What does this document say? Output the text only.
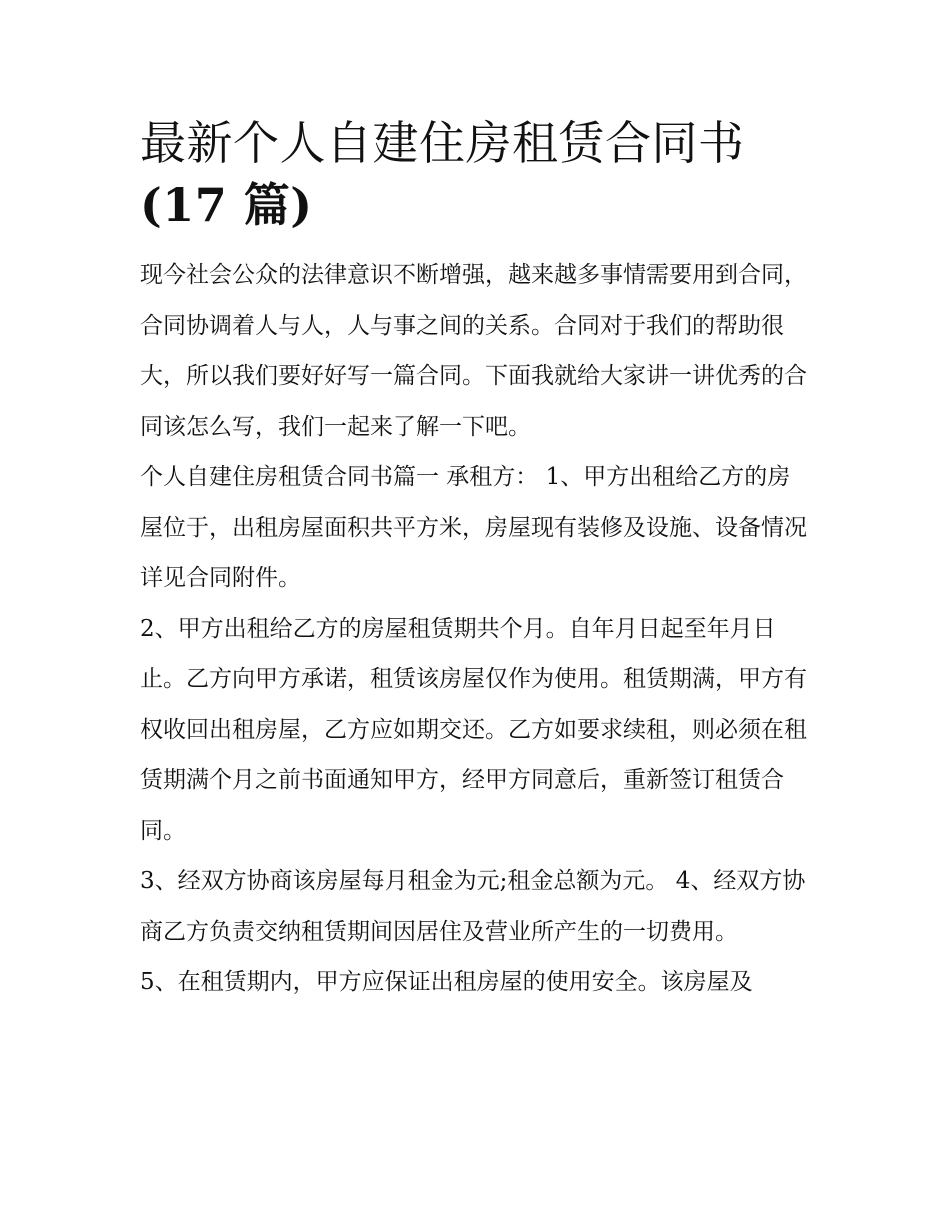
最新个人自建住房租赁合同书
(17 篇)

现今社会公众的法律意识不断增强，越来越多事情需要用到合同，合同协调着人与人，人与事之间的关系。合同对于我们的帮助很大，所以我们要好好写一篇合同。下面我就给大家讲一讲优秀的合同该怎么写，我们一起来了解一下吧。

个人自建住房租赁合同书篇一 承租方： 1、甲方出租给乙方的房屋位于，出租房屋面积共平方米，房屋现有装修及设施、设备情况详见合同附件。

2、甲方出租给乙方的房屋租赁期共个月。自年月日起至年月日止。乙方向甲方承诺，租赁该房屋仅作为使用。租赁期满，甲方有权收回出租房屋，乙方应如期交还。乙方如要求续租，则必须在租赁期满个月之前书面通知甲方，经甲方同意后，重新签订租赁合同。

3、经双方协商该房屋每月租金为元;租金总额为元。 4、经双方协商乙方负责交纳租赁期间因居住及营业所产生的一切费用。

5、在租赁期内，甲方应保证出租房屋的使用安全。该房屋及
